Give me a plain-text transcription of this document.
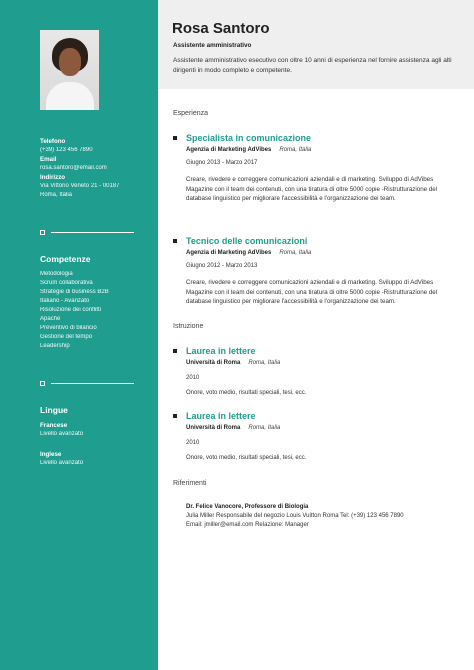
Telefono
(+39) 123 456 7890
Email
rosa.santoro@email.com
Indirizzo
Via Vittorio Veneto 21 - 00187
Roma, Italia
Competenze
Metodologia
Scrum collaborativa
Strategie di business B2B
Italiano - Avanzato
Risoluzione dei conflitti
Apache
Preventivo di bilancio
Gestione del tempo
Leadership
Lingue
Francese
Livello avanzato
Inglese
Livello avanzato
Rosa Santoro
Assistente amministrativo
Assistente amministrativo esecutivo con oltre 10 anni di esperienza nel fornire assistenza agli alti dirigenti in modo completo e competente.
Esperienza
Specialista in comunicazione
Agenzia di Marketing AdVibes Roma, Italia
Giugno 2013 - Marzo 2017
Creare, rivedere e correggere comunicazioni aziendali e di marketing. Sviluppo di AdVibes Magazine con il team dei contenuti, con una tiratura di oltre 5000 copie -Ristrutturazione del database linguistico per migliorare l'accessibilità e l'organizzazione dei team.
Tecnico delle comunicazioni
Agenzia di Marketing AdVibes Roma, Italia
Giugno 2012 - Marzo 2013
Creare, rivedere e correggere comunicazioni aziendali e di marketing. Sviluppo di AdVibes Magazine con il team dei contenuti, con una tiratura di oltre 5000 copie -Ristrutturazione del database linguistico per migliorare l'accessibilità e l'organizzazione dei team.
Istruzione
Laurea in lettere
Università di Roma Roma, Italia
2010
Onore, voto medio, risultati speciali, tesi, ecc.
Laurea in lettere
Università di Roma Roma, Italia
2010
Onore, voto medio, risultati speciali, tesi, ecc.
Riferimenti
Dr. Felice Vanocore, Professore di Biologia
Julia Miller Responsabile del negozio Louis Vuitton Roma Tel: (+39) 123 456 7890
Email: jmiller@email.com Relazione: Manager
